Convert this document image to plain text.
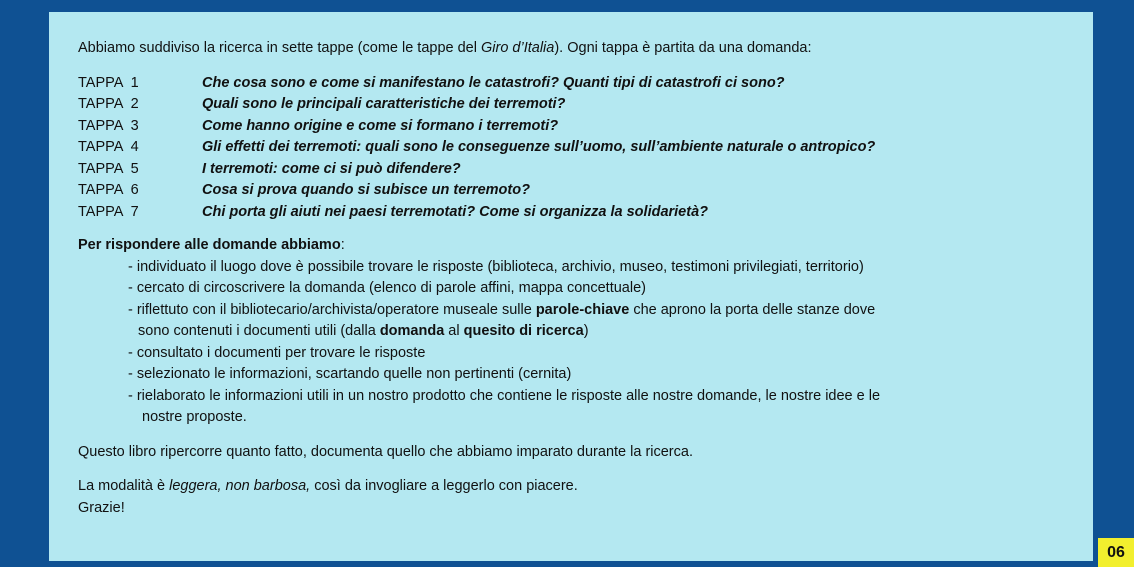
Abbiamo suddiviso la ricerca in sette tappe (come le tappe del Giro d’Italia). Ogni tappa è partita da una domanda:

TAPPA  1	Che cosa sono e come si manifestano le catastrofi? Quanti tipi di catastrofi ci sono?
TAPPA  2	Quali sono le principali caratteristiche dei terremoti?
TAPPA  3	Come hanno origine e come si formano i terremoti?
TAPPA  4	Gli effetti dei terremoti: quali sono le conseguenze sull’uomo, sull’ambiente naturale o antropico?
TAPPA  5	I terremoti: come ci si può difendere?
TAPPA  6	Cosa si prova quando si subisce un terremoto?
TAPPA  7	Chi porta gli aiuti nei paesi terremotati? Come si organizza la solidarietà?
Per rispondere alle domande abbiamo:
- individuato il luogo dove è possibile trovare le risposte (biblioteca, archivio, museo, testimoni privilegiati, territorio)
- cercato di circoscrivere la domanda (elenco di parole affini, mappa concettuale)
- riflettuto con il bibliotecario/archivista/operatore museale sulle parole-chiave che aprono la porta delle stanze dove
sono contenuti i documenti utili (dalla domanda al quesito di ricerca)
- consultato i documenti per trovare le risposte
- selezionato le informazioni, scartando quelle non pertinenti (cernita)
- rielaborato le informazioni utili in un nostro prodotto che contiene le risposte alle nostre domande, le nostre idee e le
nostre proposte.

Questo libro ripercorre quanto fatto, documenta quello che abbiamo imparato durante la ricerca.

La modalità è leggera, non barbosa, così da invogliare a leggerlo con piacere.
Grazie!

06
